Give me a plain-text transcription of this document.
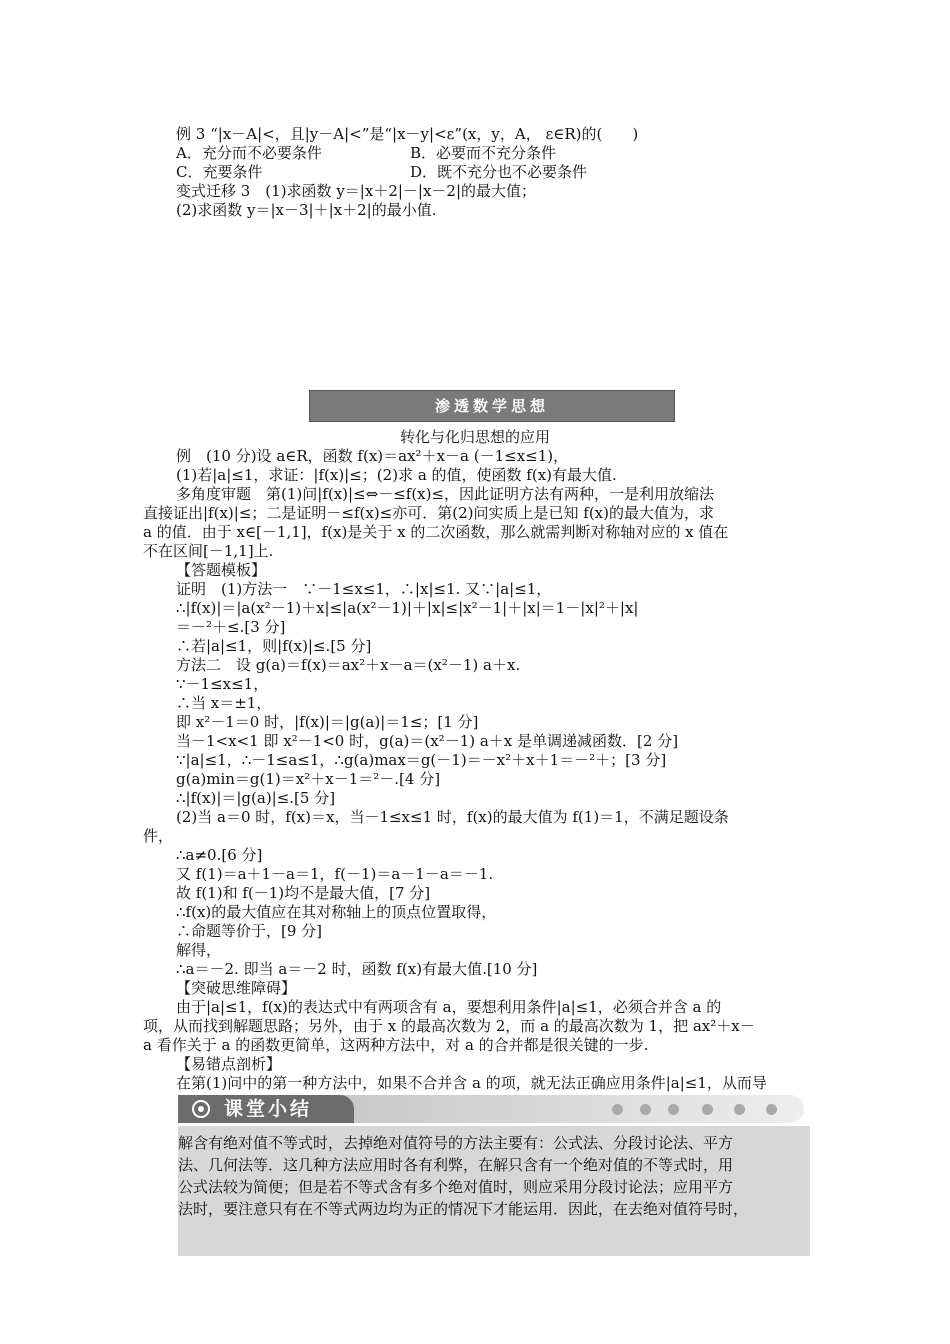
例 3 “|x－A|<，且|y－A|<”是“|x－y|<ε”(x，y，A， ε∈R)的(　　)
A．充分而不必要条件	B．必要而不充分条件
C．充要条件	D．既不充分也不必要条件
变式迁移 3　(1)求函数 y＝|x＋2|－|x－2|的最大值；
(2)求函数 y＝|x－3|＋|x＋2|的最小值.
渗透数学思想
转化与化归思想的应用
例　(10 分)设 a∈R，函数 f(x)＝ax²＋x－a (－1≤x≤1)，
(1)若|a|≤1，求证：|f(x)|≤；(2)求 a 的值，使函数 f(x)有最大值.
多角度审题　第(1)问|f(x)|≤⇔－≤f(x)≤，因此证明方法有两种，一是利用放缩法
直接证出|f(x)|≤；二是证明－≤f(x)≤亦可．第(2)问实质上是已知 f(x)的最大值为，求
a 的值．由于 x∈[－1,1]，f(x)是关于 x 的二次函数，那么就需判断对称轴对应的 x 值在
不在区间[－1,1]上.
【答题模板】
证明　(1)方法一　∵－1≤x≤1，∴|x|≤1. 又∵|a|≤1，
∴|f(x)|＝|a(x²－1)＋x|≤|a(x²－1)|＋|x|≤|x²－1|＋|x|＝1－|x|²＋|x|
＝－²＋≤.[3 分]
∴若|a|≤1，则|f(x)|≤.[5 分]
方法二　设 g(a)＝f(x)＝ax²＋x－a＝(x²－1) a＋x.
∵－1≤x≤1，
∴当 x＝±1，
即 x²－1＝0 时，|f(x)|＝|g(a)|＝1≤；[1 分]
当－1<x<1 即 x²－1<0 时，g(a)＝(x²－1) a＋x 是单调递减函数．[2 分]
∵|a|≤1，∴－1≤a≤1，∴g(a)max＝g(－1)＝－x²＋x＋1＝－²＋；[3 分]
g(a)min＝g(1)＝x²＋x－1＝²－.[4 分]
∴|f(x)|＝|g(a)|≤.[5 分]
(2)当 a＝0 时，f(x)＝x，当－1≤x≤1 时，f(x)的最大值为 f(1)＝1，不满足题设条
件，
∴a≠0.[6 分]
又 f(1)＝a＋1－a＝1，f(－1)＝a－1－a＝－1.
故 f(1)和 f(－1)均不是最大值，[7 分]
∴f(x)的最大值应在其对称轴上的顶点位置取得，
∴命题等价于，[9 分]
解得，
∴a＝－2. 即当 a＝－2 时，函数 f(x)有最大值.[10 分]
【突破思维障碍】
由于|a|≤1，f(x)的表达式中有两项含有 a，要想利用条件|a|≤1，必须合并含 a 的
项，从而找到解题思路；另外，由于 x 的最高次数为 2，而 a 的最高次数为 1，把 ax²＋x－
a 看作关于 a 的函数更简单，这两种方法中，对 a 的合并都是很关键的一步.
【易错点剖析】
在第(1)问中的第一种方法中，如果不合并含 a 的项，就无法正确应用条件|a|≤1，从而导
课堂小结
解含有绝对值不等式时，去掉绝对值符号的方法主要有：公式法、分段讨论法、平方
法、几何法等．这几种方法应用时各有利弊，在解只含有一个绝对值的不等式时，用
公式法较为简便；但是若不等式含有多个绝对值时，则应采用分段讨论法；应用平方
法时，要注意只有在不等式两边均为正的情况下才能运用．因此，在去绝对值符号时，
